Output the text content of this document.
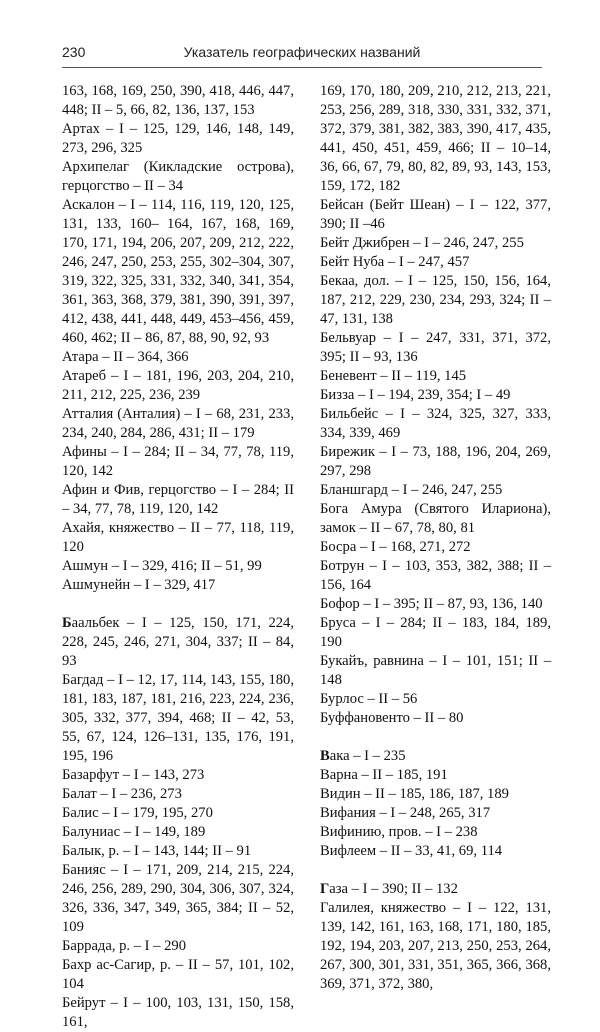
230	Указатель географических названий
163, 168, 169, 250, 390, 418, 446, 447, 448; II – 5, 66, 82, 136, 137, 153
Артах – I – 125, 129, 146, 148, 149, 273, 296, 325
Архипелаг (Кикладские острова), герцогство – II – 34
Аскалон – I – 114, 116, 119, 120, 125, 131, 133, 160– 164, 167, 168, 169, 170, 171, 194, 206, 207, 209, 212, 222, 246, 247, 250, 253, 255, 302–304, 307, 319, 322, 325, 331, 332, 340, 341, 354, 361, 363, 368, 379, 381, 390, 391, 397, 412, 438, 441, 448, 449, 453–456, 459, 460, 462; II – 86, 87, 88, 90, 92, 93
Атара – II – 364, 366
Атареб – I – 181, 196, 203, 204, 210, 211, 212, 225, 236, 239
Атталия (Анталия) – I – 68, 231, 233, 234, 240, 284, 286, 431; II – 179
Афины – I – 284; II – 34, 77, 78, 119, 120, 142
Афин и Фив, герцогство – I – 284; II – 34, 77, 78, 119, 120, 142
Ахайя, княжество – II – 77, 118, 119, 120
Ашмун – I – 329, 416; II – 51, 99
Ашмунейн – I – 329, 417
Баальбек – I – 125, 150, 171, 224, 228, 245, 246, 271, 304, 337; II – 84, 93
Багдад – I – 12, 17, 114, 143, 155, 180, 181, 183, 187, 181, 216, 223, 224, 236, 305, 332, 377, 394, 468; II – 42, 53, 55, 67, 124, 126–131, 135, 176, 191, 195, 196
Базарфут – I – 143, 273
Балат – I – 236, 273
Балис – I – 179, 195, 270
Балуниас – I – 149, 189
Балык, р. – I – 143, 144; II – 91
Банияс – I – 171, 209, 214, 215, 224, 246, 256, 289, 290, 304, 306, 307, 324, 326, 336, 347, 349, 365, 384; II – 52, 109
Баррада, р. – I – 290
Бахр ас-Сагир, р. – II – 57, 101, 102, 104
Бейрут – I – 100, 103, 131, 150, 158, 161,
169, 170, 180, 209, 210, 212, 213, 221, 253, 256, 289, 318, 330, 331, 332, 371, 372, 379, 381, 382, 383, 390, 417, 435, 441, 450, 451, 459, 466; II – 10–14, 36, 66, 67, 79, 80, 82, 89, 93, 143, 153, 159, 172, 182
Бейсан (Бейт Шеан) – I – 122, 377, 390; II –46
Бейт Джибрен – I – 246, 247, 255
Бейт Нуба – I – 247, 457
Бекаа, дол. – I – 125, 150, 156, 164, 187, 212, 229, 230, 234, 293, 324; II – 47, 131, 138
Бельвуар – I – 247, 331, 371, 372, 395; II – 93, 136
Беневент – II – 119, 145
Бизза – I – 194, 239, 354; I – 49
Бильбейс – I – 324, 325, 327, 333, 334, 339, 469
Бирежик – I – 73, 188, 196, 204, 269, 297, 298
Бланшгард – I – 246, 247, 255
Бога Амура (Святого Илариона), замок – II – 67, 78, 80, 81
Босра – I – 168, 271, 272
Ботрун – I – 103, 353, 382, 388; II –156, 164
Бофор – I – 395; II – 87, 93, 136, 140
Бруса – I – 284; II – 183, 184, 189, 190
Букайъ, равнина – I – 101, 151; II – 148
Бурлос – II – 56
Буффановенто – II – 80
Вака – I – 235
Варна – II – 185, 191
Видин – II – 185, 186, 187, 189
Вифания – I – 248, 265, 317
Вифинию, пров. – I – 238
Вифлеем – II – 33, 41, 69, 114
Газа – I – 390; II – 132
Галилея, княжество – I – 122, 131, 139, 142, 161, 163, 168, 171, 180, 185, 192, 194, 203, 207, 213, 250, 253, 264, 267, 300, 301, 331, 351, 365, 366, 368, 369, 371, 372, 380,
